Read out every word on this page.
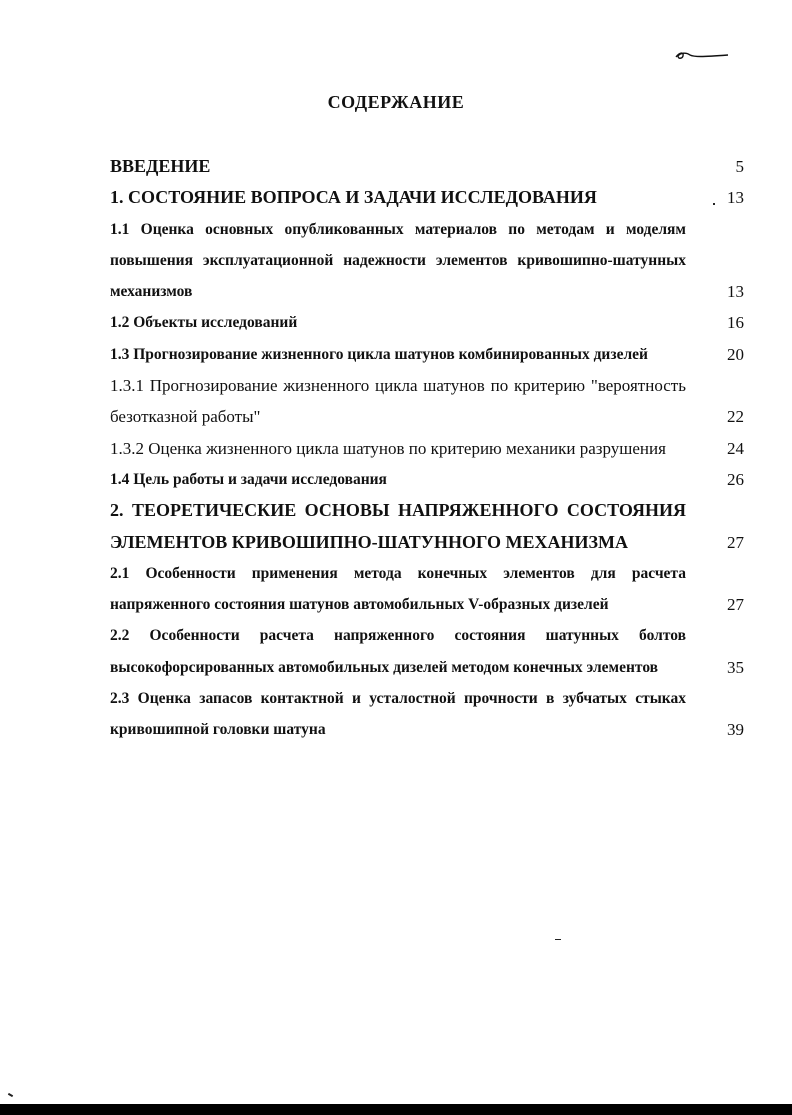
СОДЕРЖАНИЕ
ВВЕДЕНИЕ	5
1. СОСТОЯНИЕ ВОПРОСА И ЗАДАЧИ ИССЛЕДОВАНИЯ	13
1.1 Оценка основных опубликованных материалов по методам и моделям повышения эксплуатационной надежности элементов кривошипно-шатунных механизмов	13
1.2 Объекты исследований	16
1.3 Прогнозирование жизненного цикла шатунов комбинированных дизелей	20
1.3.1 Прогнозирование жизненного цикла шатунов по критерию "вероятность безотказной работы"	22
1.3.2 Оценка жизненного цикла шатунов по критерию механики разрушения	24
1.4 Цель работы и задачи исследования	26
2. ТЕОРЕТИЧЕСКИЕ ОСНОВЫ НАПРЯЖЕННОГО СОСТОЯНИЯ ЭЛЕМЕНТОВ КРИВОШИПНО-ШАТУННОГО МЕХАНИЗМА	27
2.1 Особенности применения метода конечных элементов для расчета напряженного состояния шатунов автомобильных V-образных дизелей	27
2.2 Особенности расчета напряженного состояния шатунных болтов высокофорсированных автомобильных дизелей методом конечных элементов	35
2.3 Оценка запасов контактной и усталостной прочности в зубчатых стыках кривошипной головки шатуна	39
